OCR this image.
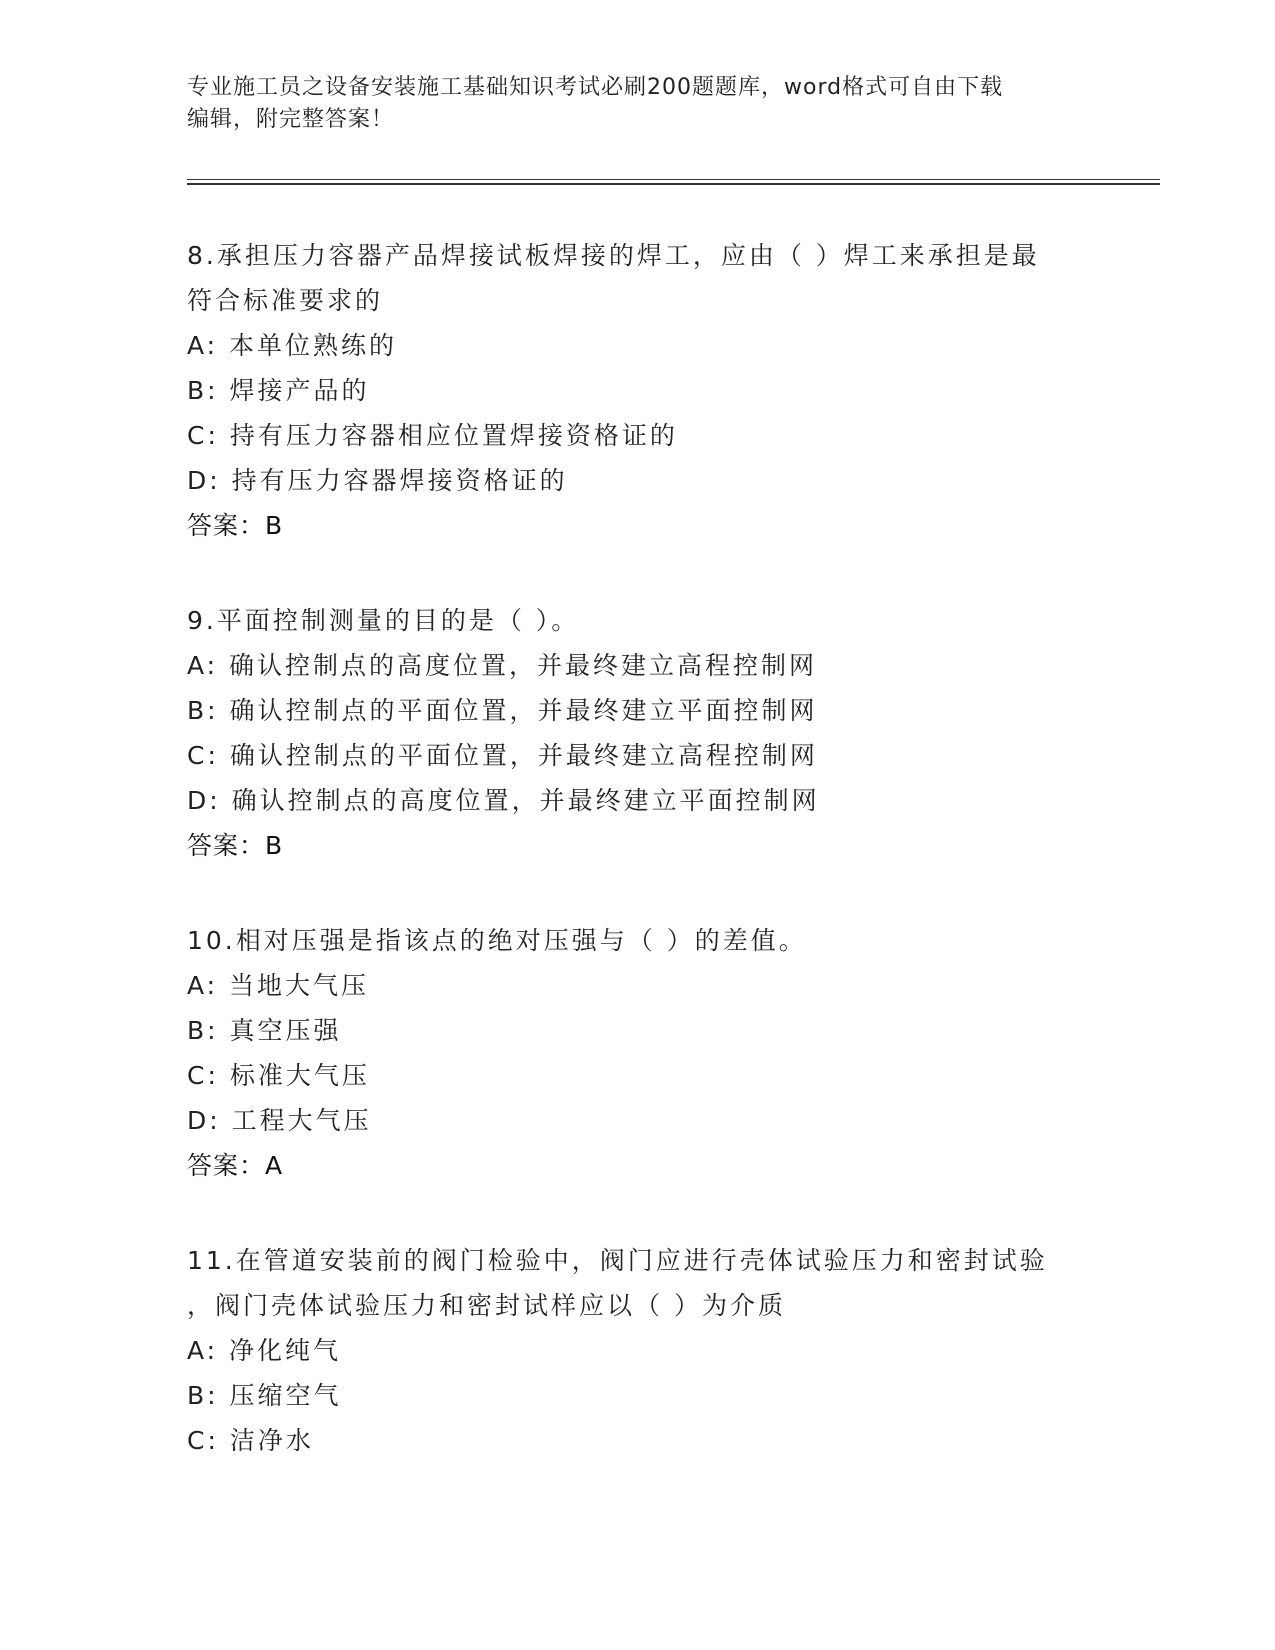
专业施工员之设备安装施工基础知识考试必刷200题题库，word格式可自由下载
编辑，附完整答案！
8.承担压力容器产品焊接试板焊接的焊工，应由（ ）焊工来承担是最
符合标准要求的
A: 本单位熟练的
B: 焊接产品的
C: 持有压力容器相应位置焊接资格证的
D: 持有压力容器焊接资格证的
答案：B
9.平面控制测量的目的是（ ）。
A: 确认控制点的高度位置，并最终建立高程控制网
B: 确认控制点的平面位置，并最终建立平面控制网
C: 确认控制点的平面位置，并最终建立高程控制网
D: 确认控制点的高度位置，并最终建立平面控制网
答案：B
10.相对压强是指该点的绝对压强与（ ）的差值。
A: 当地大气压
B: 真空压强
C: 标准大气压
D: 工程大气压
答案：A
11.在管道安装前的阀门检验中，阀门应进行壳体试验压力和密封试验
，阀门壳体试验压力和密封试样应以（ ）为介质
A: 净化纯气
B: 压缩空气
C: 洁净水
